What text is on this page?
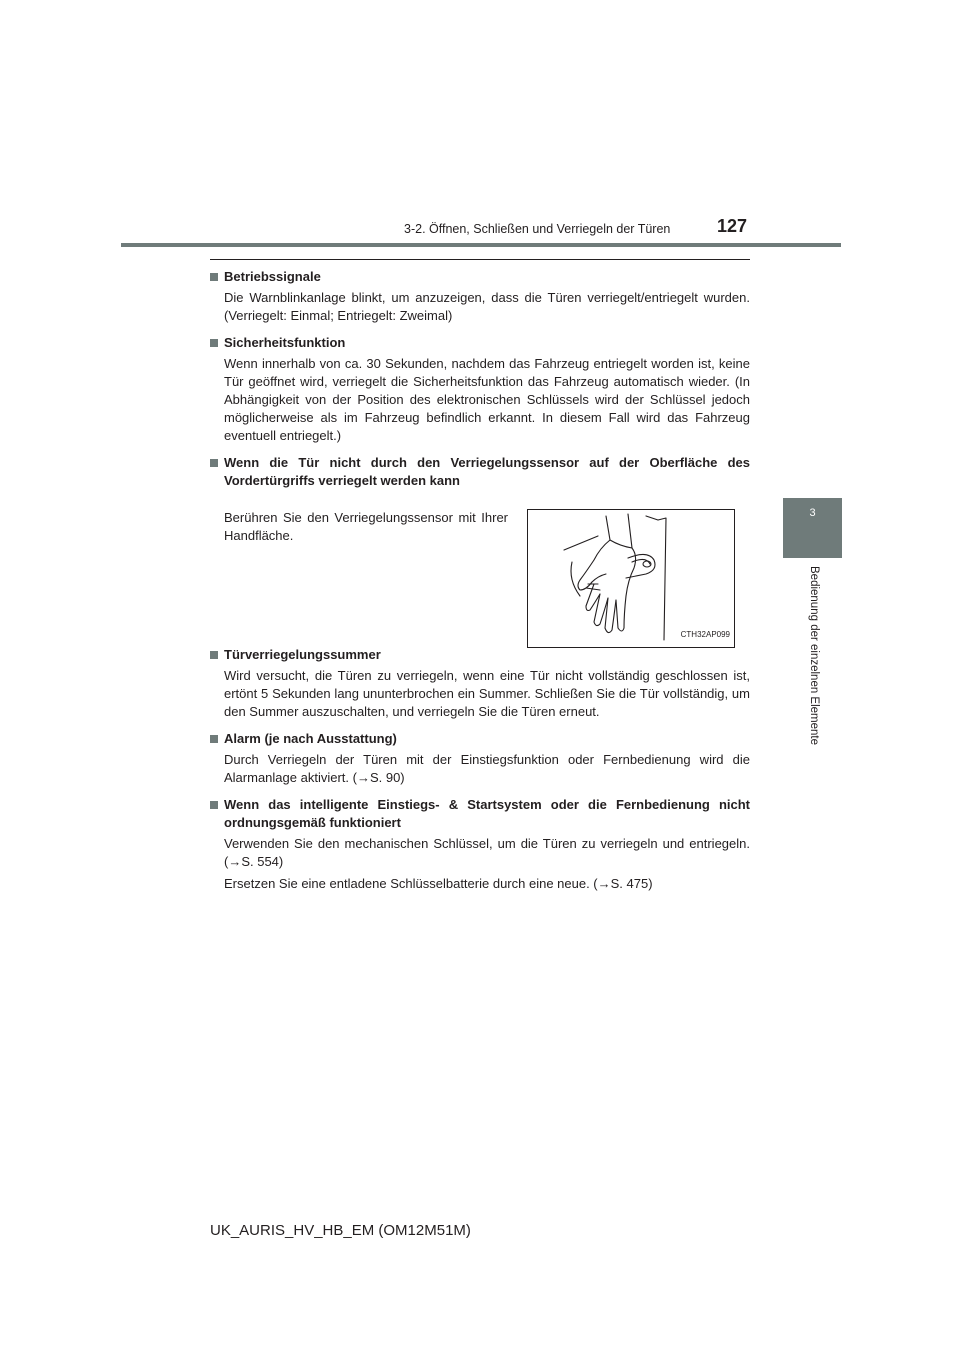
3-2. Öffnen, Schließen und Verriegeln der Türen	127
3
Bedienung der einzelnen Elemente
Betriebssignale

Die Warnblinkanlage blinkt, um anzuzeigen, dass die Türen verriegelt/entriegelt wurden. (Verriegelt: Einmal; Entriegelt: Zweimal)

Sicherheitsfunktion

Wenn innerhalb von ca. 30 Sekunden, nachdem das Fahrzeug entriegelt worden ist, keine Tür geöffnet wird, verriegelt die Sicherheitsfunktion das Fahrzeug automatisch wieder. (In Abhängigkeit von der Position des elektronischen Schlüssels wird der Schlüssel jedoch möglicherweise als im Fahrzeug befindlich erkannt. In diesem Fall wird das Fahrzeug eventuell entriegelt.)

Wenn die Tür nicht durch den Verriegelungssensor auf der Oberfläche des Vordertürgriffs verriegelt werden kann
Berühren Sie den Verriegelungssensor mit Ihrer Handfläche.
CTH32AP099
Türverriegelungssummer

Wird versucht, die Türen zu verriegeln, wenn eine Tür nicht vollständig geschlossen ist, ertönt 5 Sekunden lang ununterbrochen ein Summer. Schließen Sie die Tür vollständig, um den Summer auszuschalten, und verriegeln Sie die Türen erneut.

Alarm (je nach Ausstattung)

Durch Verriegeln der Türen mit der Einstiegsfunktion oder Fernbedienung wird die Alarmanlage aktiviert. (→S. 90)

Wenn das intelligente Einstiegs- & Startsystem oder die Fernbedienung nicht ordnungsgemäß funktioniert

Verwenden Sie den mechanischen Schlüssel, um die Türen zu verriegeln und entriegeln. (→S. 554)

Ersetzen Sie eine entladene Schlüsselbatterie durch eine neue. (→S. 475)

UK_AURIS_HV_HB_EM (OM12M51M)
